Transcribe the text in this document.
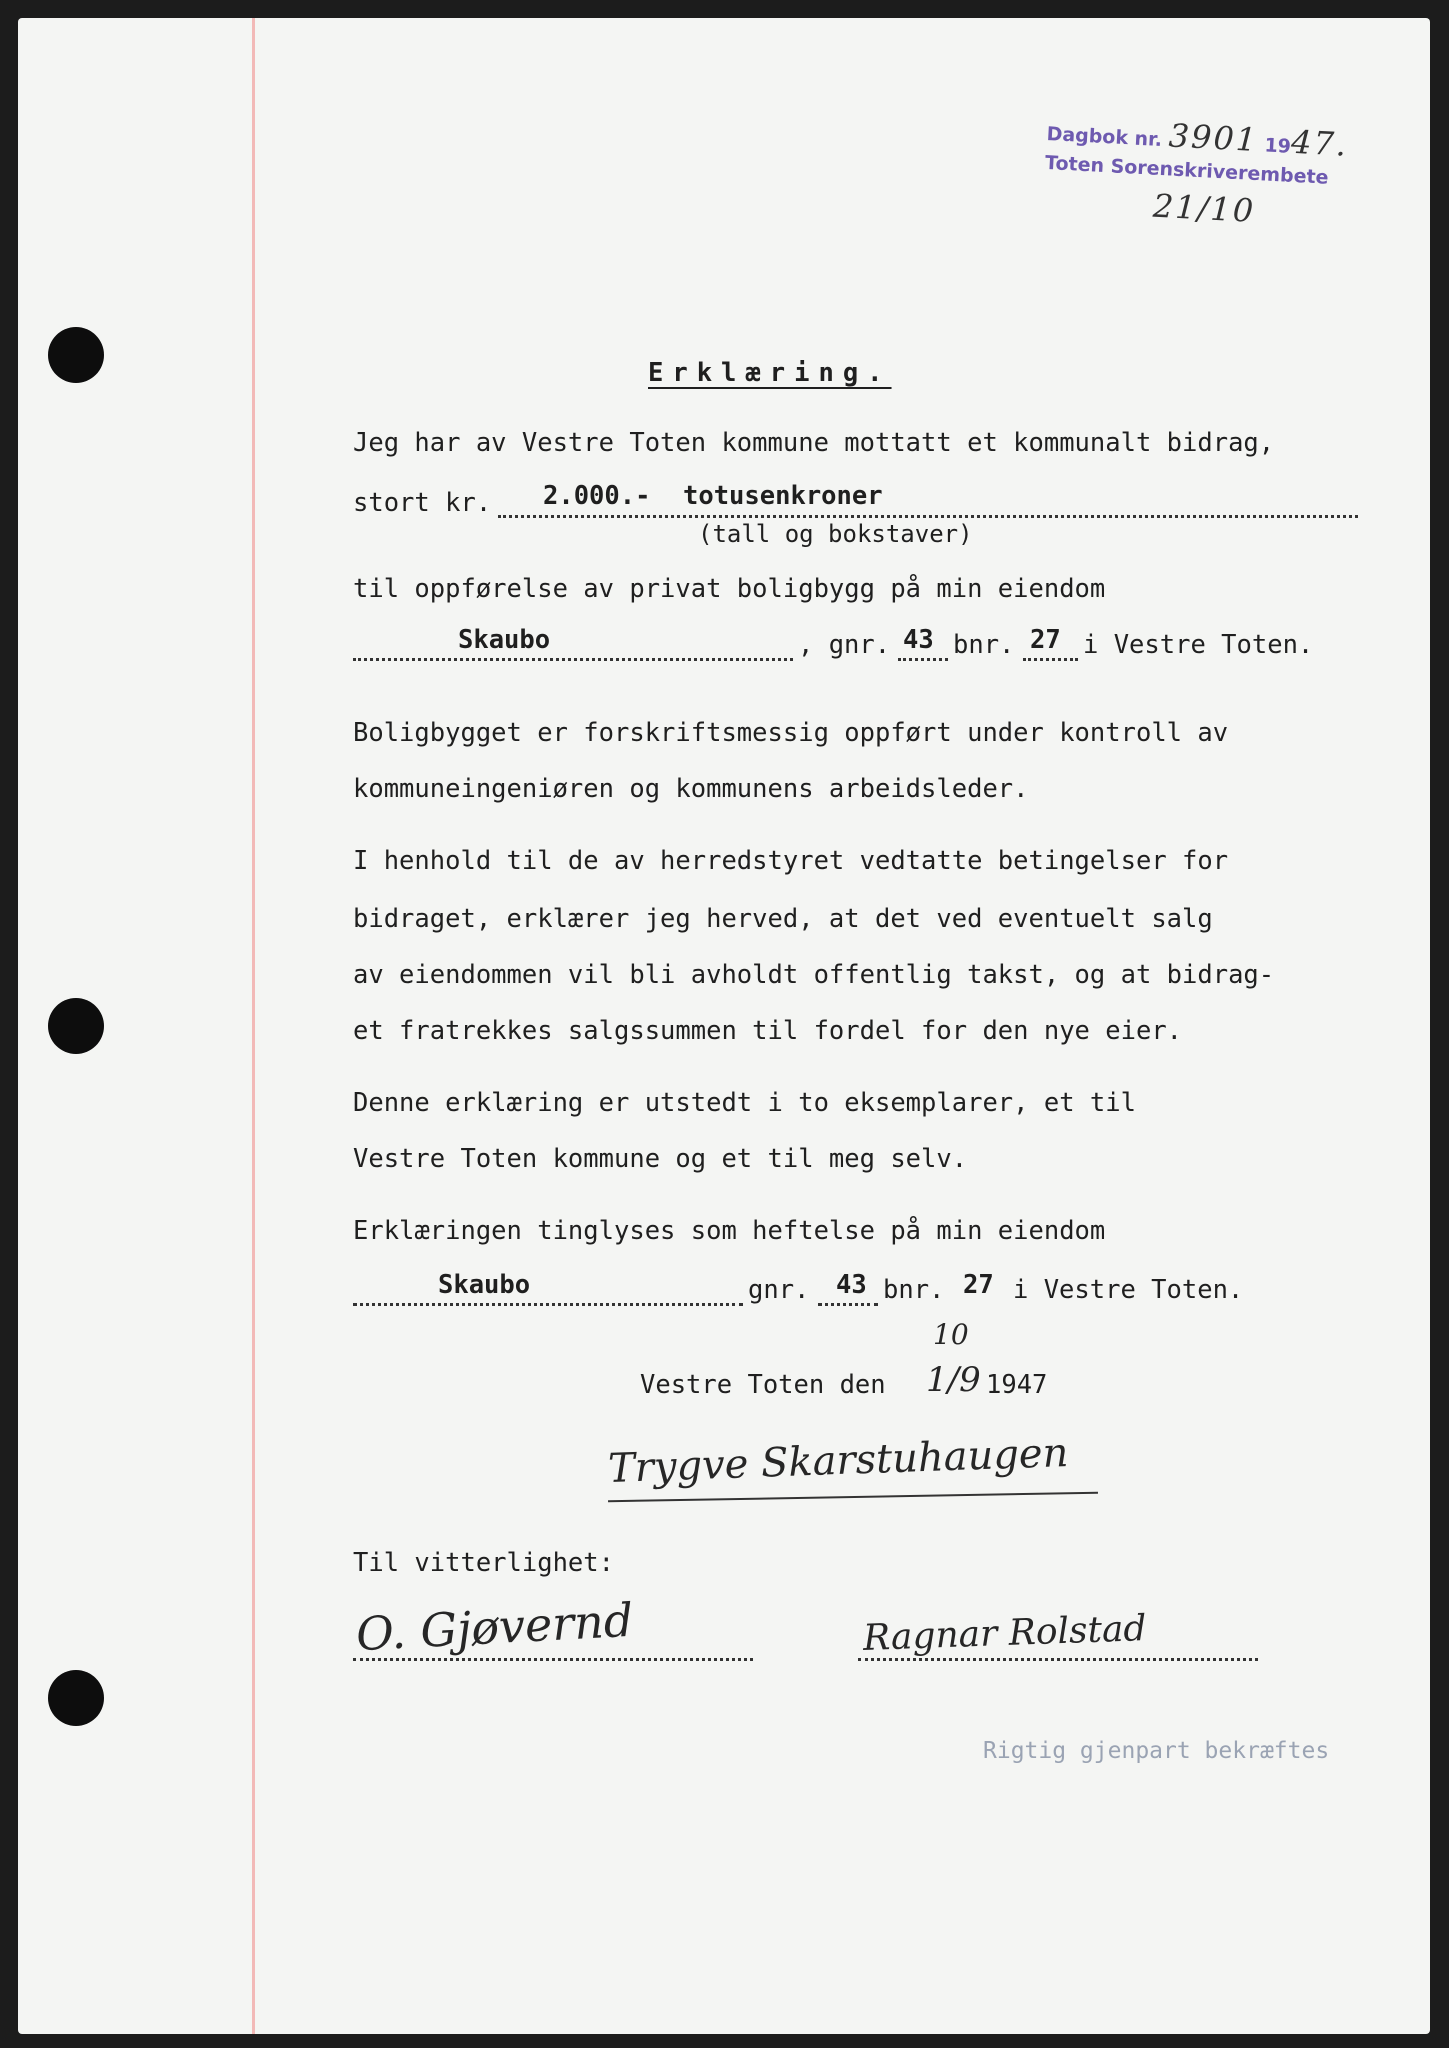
Dagbok nr. 3901 1947.
Toten Sorenskriverembete
21/10
Erklæring.
Jeg har av Vestre Toten kommune mottatt et kommunalt bidrag,
stort kr. 2.000.- totusenkroner
(tall og bokstaver)
til oppførelse av privat boligbygg på min eiendom
Skaubo	, gnr. 43 bnr. 27 i Vestre Toten.
Boligbygget er forskriftsmessig oppført under kontroll av
kommuneingeniøren og kommunens arbeidsleder.
I henhold til de av herredstyret vedtatte betingelser for
bidraget, erklærer jeg herved, at det ved eventuelt salg
av eiendommen vil bli avholdt offentlig takst, og at bidrag-
et fratrekkes salgssummen til fordel for den nye eier.
Denne erklæring er utstedt i to eksemplarer, et til
Vestre Toten kommune og et til meg selv.
Erklæringen tinglyses som heftelse på min eiendom
Skaubo	gnr. 43 bnr. 27 i Vestre Toten.
Vestre Toten den
10
1/9 1947
Trygve Skarstuhaugen
Til vitterlighet:
O. Gjøvernd	Ragnar Rolstad
Rigtig gjenpart bekræftes
